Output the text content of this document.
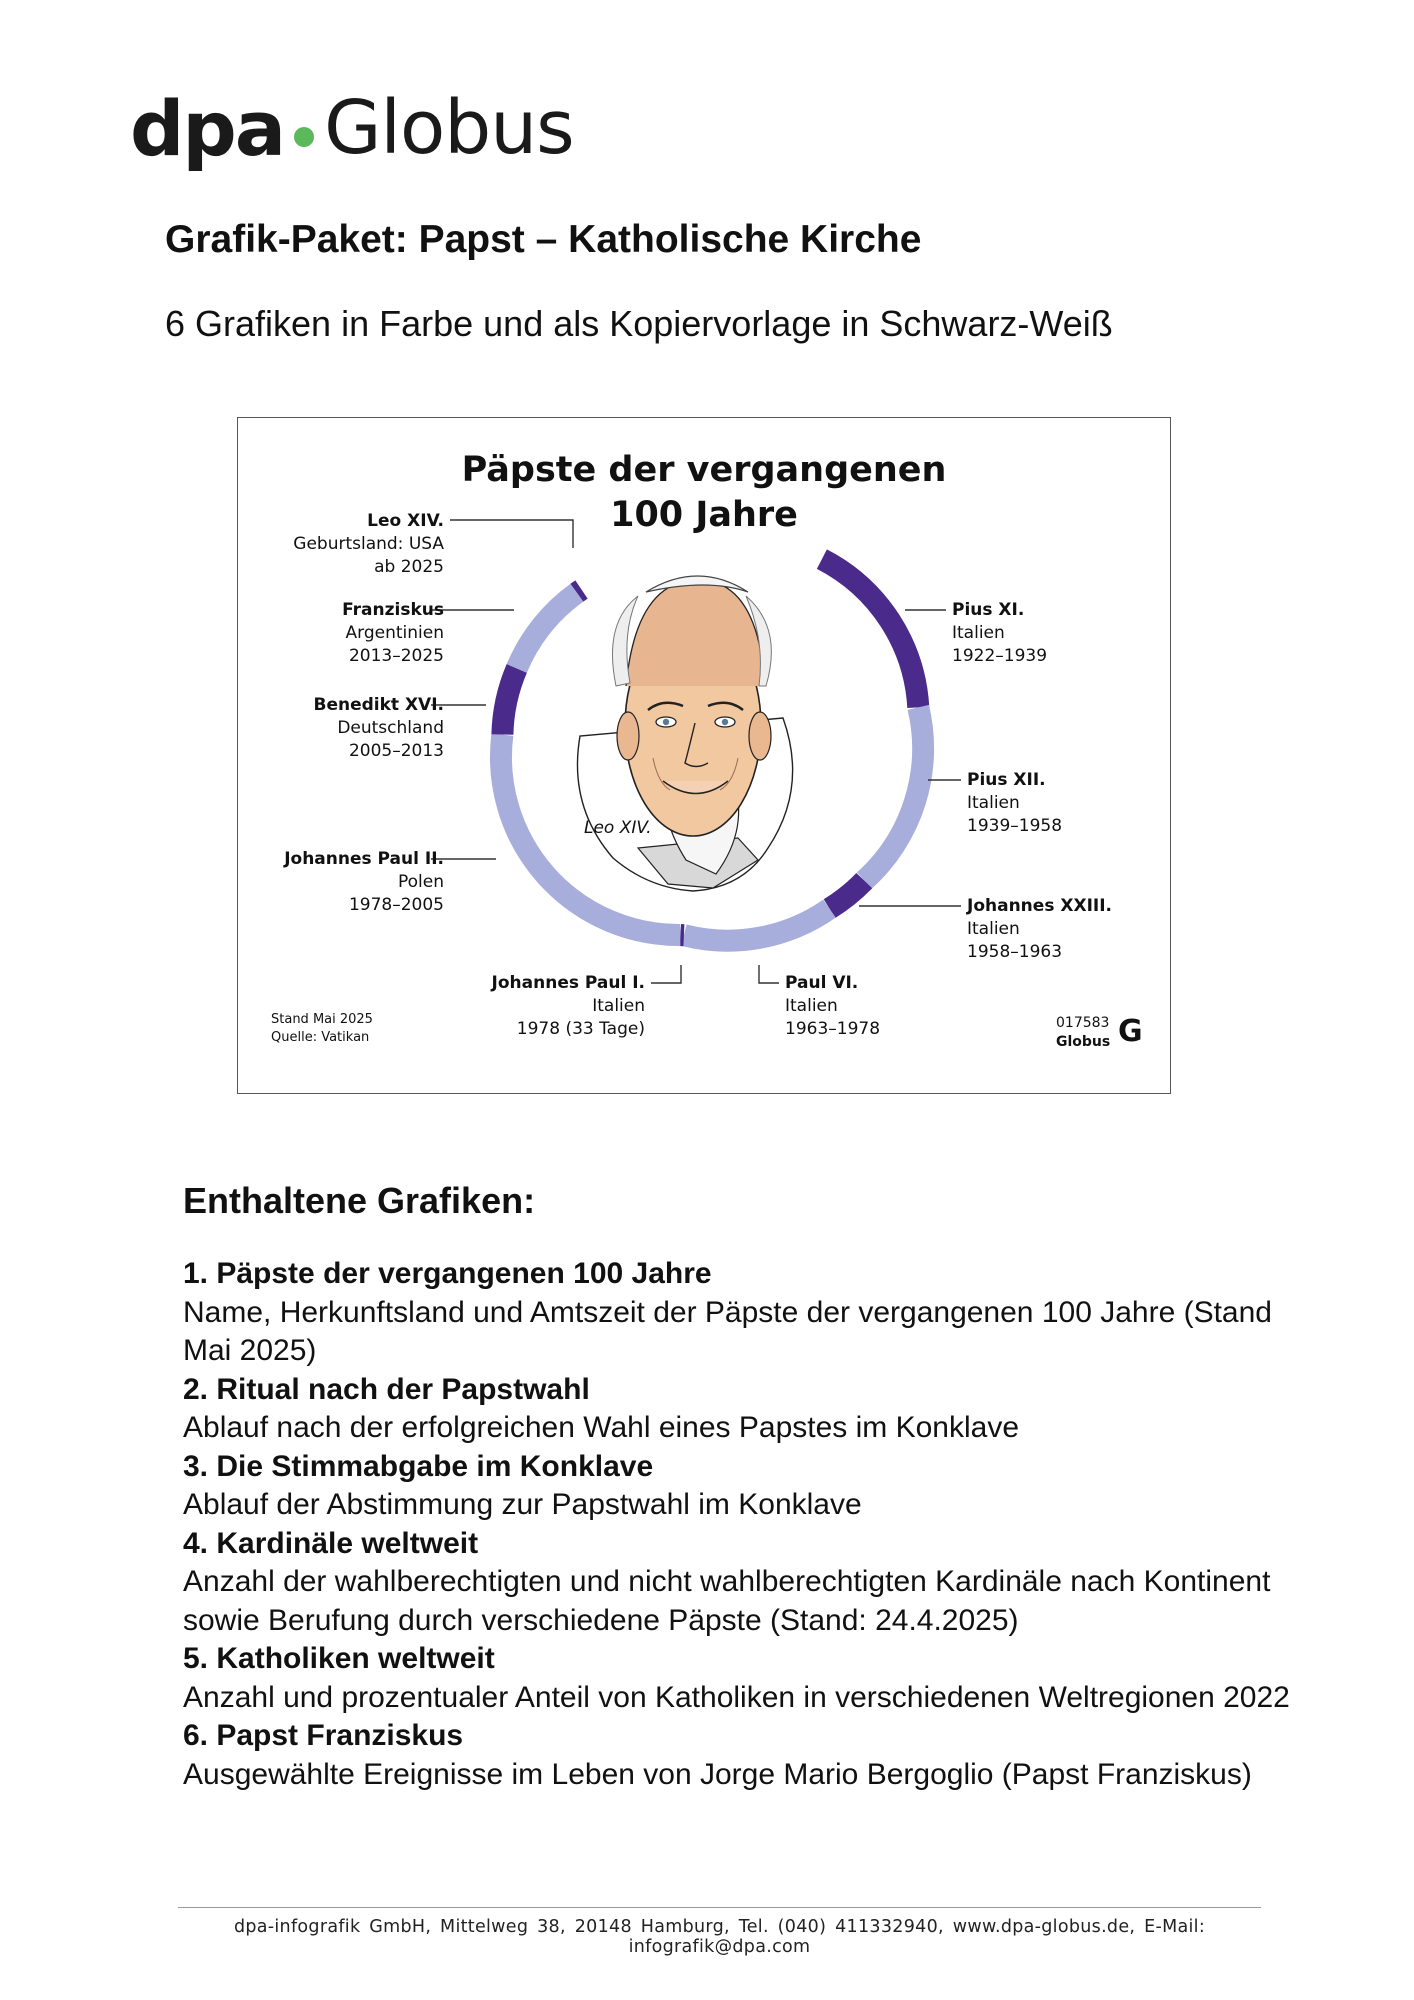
dpa Globus
Grafik-Paket: Papst – Katholische Kirche
6 Grafiken in Farbe und als Kopiervorlage in Schwarz-Weiß
Päpste der vergangenen
100 Jahre
Leo XIV.
Geburtsland: USA
ab 2025
Franziskus
Argentinien
2013–2025
Benedikt XVI.
Deutschland
2005–2013
Johannes Paul II.
Polen
1978–2005
Johannes Paul I.
Italien
1978 (33 Tage)
Paul VI.
Italien
1963–1978
Pius XI.
Italien
1922–1939
Pius XII.
Italien
1939–1958
Johannes XXIII.
Italien
1958–1963
Leo XIV.
Stand Mai 2025
Quelle: Vatikan
017583
Globus G
Enthaltene Grafiken:
1. Päpste der vergangenen 100 Jahre
Name, Herkunftsland und Amtszeit der Päpste der vergangenen 100 Jahre (Stand Mai 2025)
2. Ritual nach der Papstwahl
Ablauf nach der erfolgreichen Wahl eines Papstes im Konklave
3. Die Stimmabgabe im Konklave
Ablauf der Abstimmung zur Papstwahl im Konklave
4. Kardinäle weltweit
Anzahl der wahlberechtigten und nicht wahlberechtigten Kardinäle nach Kontinent sowie Berufung durch verschiedene Päpste (Stand: 24.4.2025)
5. Katholiken weltweit
Anzahl und prozentualer Anteil von Katholiken in verschiedenen Weltregionen 2022
6. Papst Franziskus
Ausgewählte Ereignisse im Leben von Jorge Mario Bergoglio (Papst Franziskus)
dpa-infografik GmbH, Mittelweg 38, 20148 Hamburg, Tel. (040) 411332940, www.dpa-globus.de, E-Mail: infografik@dpa.com
